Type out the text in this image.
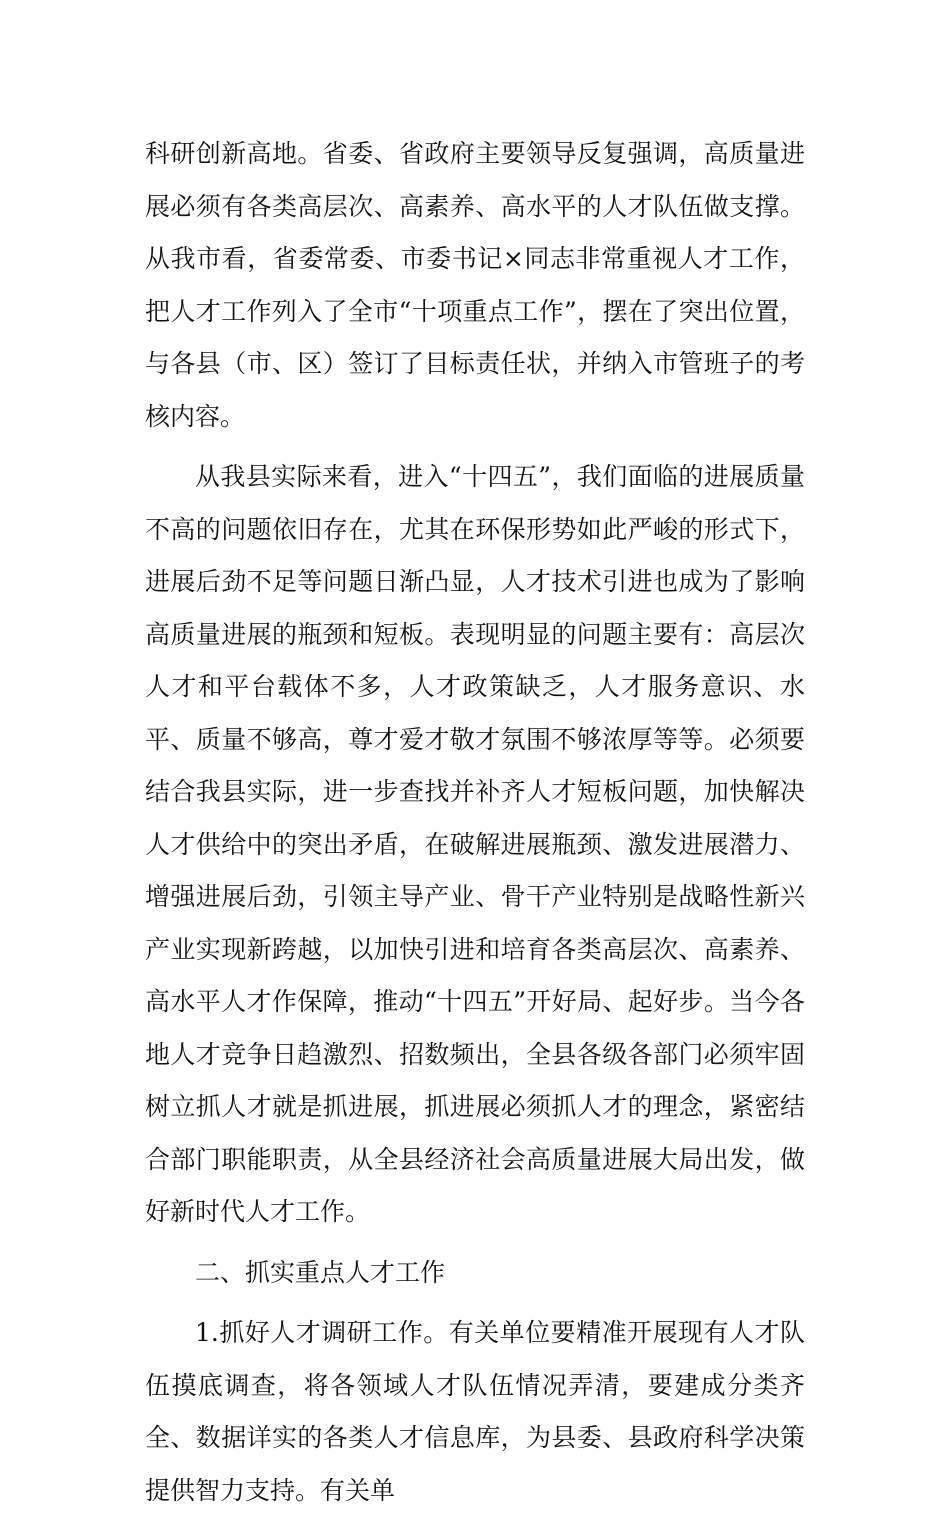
科研创新高地。省委、省政府主要领导反复强调，高质量进展必须有各类高层次、高素养、高水平的人才队伍做支撑。从我市看，省委常委、市委书记×同志非常重视人才工作，把人才工作列入了全市“十项重点工作”，摆在了突出位置，与各县（市、区）签订了目标责任状，并纳入市管班子的考核内容。

从我县实际来看，进入“十四五”，我们面临的进展质量不高的问题依旧存在，尤其在环保形势如此严峻的形式下，进展后劲不足等问题日渐凸显，人才技术引进也成为了影响高质量进展的瓶颈和短板。表现明显的问题主要有：高层次人才和平台载体不多，人才政策缺乏，人才服务意识、水平、质量不够高，尊才爱才敬才氛围不够浓厚等等。必须要结合我县实际，进一步查找并补齐人才短板问题，加快解决人才供给中的突出矛盾，在破解进展瓶颈、激发进展潜力、增强进展后劲，引领主导产业、骨干产业特别是战略性新兴产业实现新跨越，以加快引进和培育各类高层次、高素养、高水平人才作保障，推动“十四五”开好局、起好步。当今各地人才竞争日趋激烈、招数频出，全县各级各部门必须牢固树立抓人才就是抓进展，抓进展必须抓人才的理念，紧密结合部门职能职责，从全县经济社会高质量进展大局出发，做好新时代人才工作。

二、抓实重点人才工作

1.抓好人才调研工作。有关单位要精准开展现有人才队伍摸底调查，将各领域人才队伍情况弄清，要建成分类齐全、数据详实的各类人才信息库，为县委、县政府科学决策提供智力支持。有关单
